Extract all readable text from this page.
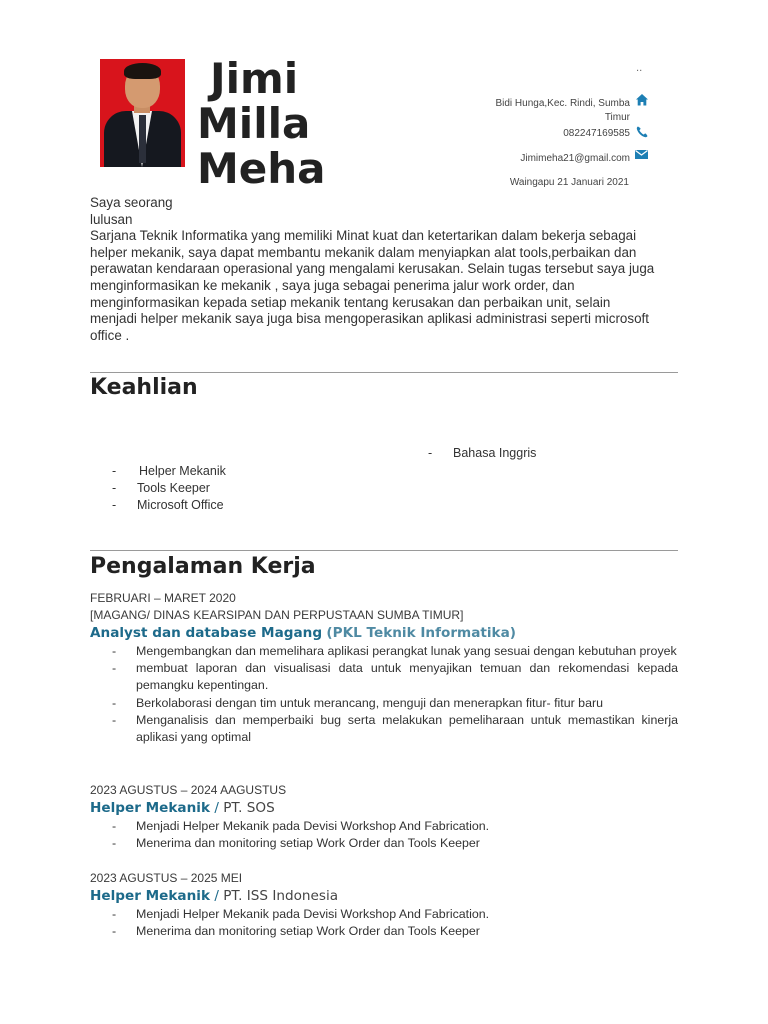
Jimi
Milla
Meha
..
Bidi Hunga,Kec. Rindi, Sumba
Timur
082247169585
Jimimeha21@gmail.com
Waingapu 21 Januari 2021
Saya seorang
lulusan
Sarjana Teknik Informatika yang memiliki Minat kuat dan ketertarikan dalam bekerja sebagai
helper mekanik, saya dapat membantu mekanik dalam menyiapkan alat tools,perbaikan dan
perawatan kendaraan operasional yang mengalami kerusakan. Selain tugas tersebut saya juga
menginformasikan ke mekanik , saya juga sebagai penerima jalur work order, dan
menginformasikan kepada setiap mekanik tentang kerusakan dan perbaikan unit, selain
menjadi helper mekanik saya juga bisa mengoperasikan aplikasi administrasi seperti microsoft
office .
Keahlian
- Bahasa Inggris
- Helper Mekanik
- Tools Keeper
- Microsoft Office
Pengalaman Kerja
FEBRUARI – MARET 2020
[MAGANG/ DINAS KEARSIPAN DAN PERPUSTAAN SUMBA TIMUR]
Analyst dan database Magang (PKL Teknik Informatika)
- Mengembangkan dan memelihara aplikasi perangkat lunak yang sesuai dengan kebutuhan proyek
- membuat laporan dan visualisasi data untuk menyajikan temuan dan rekomendasi kepada pemangku kepentingan.
- Berkolaborasi dengan tim untuk merancang, menguji dan menerapkan fitur- fitur baru
- Menganalisis dan memperbaiki bug serta melakukan pemeliharaan untuk memastikan kinerja aplikasi yang optimal
2023 AGUSTUS – 2024 AAGUSTUS
Helper Mekanik / PT. SOS
- Menjadi Helper Mekanik pada Devisi Workshop And Fabrication.
- Menerima dan monitoring setiap Work Order dan Tools Keeper
2023 AGUSTUS – 2025 MEI
Helper Mekanik / PT. ISS Indonesia
- Menjadi Helper Mekanik pada Devisi Workshop And Fabrication.
- Menerima dan monitoring setiap Work Order dan Tools Keeper
